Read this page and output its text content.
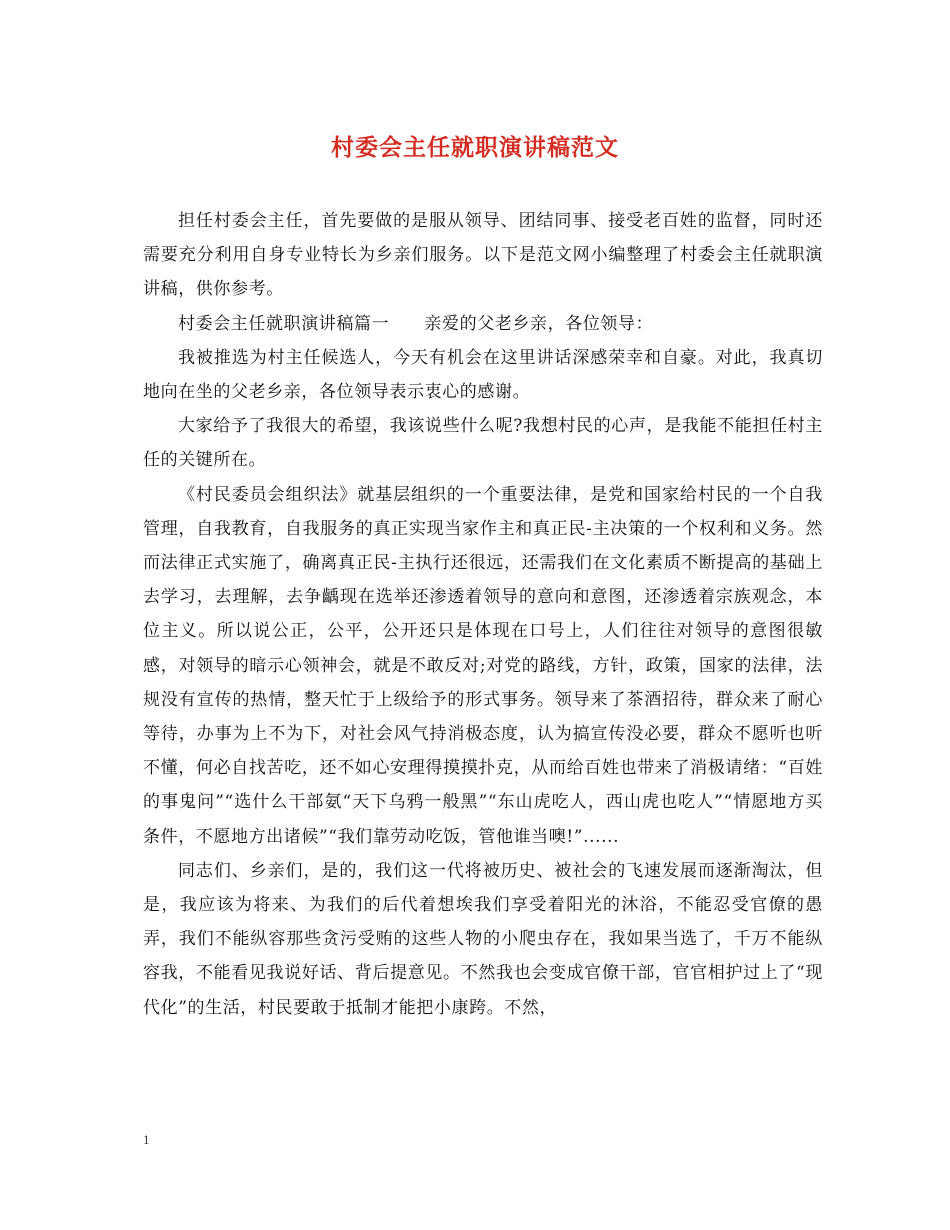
村委会主任就职演讲稿范文

担任村委会主任，首先要做的是服从领导、团结同事、接受老百姓的监督，同时还需要充分利用自身专业特长为乡亲们服务。以下是范文网小编整理了村委会主任就职演讲稿，供你参考。

村委会主任就职演讲稿篇一　　亲爱的父老乡亲，各位领导：

我被推选为村主任候选人，今天有机会在这里讲话深感荣幸和自豪。对此，我真切地向在坐的父老乡亲，各位领导表示衷心的感谢。

大家给予了我很大的希望，我该说些什么呢?我想村民的心声，是我能不能担任村主任的关键所在。

《村民委员会组织法》就基层组织的一个重要法律，是党和国家给村民的一个自我管理，自我教育，自我服务的真正实现当家作主和真正民-主决策的一个权利和义务。然而法律正式实施了，确离真正民-主执行还很远，还需我们在文化素质不断提高的基础上去学习，去理解，去争齲现在选举还渗透着领导的意向和意图，还渗透着宗族观念，本位主义。所以说公正，公平，公开还只是体现在口号上，人们往往对领导的意图很敏感，对领导的暗示心领神会，就是不敢反对;对党的路线，方针，政策，国家的法律，法规没有宣传的热情，整天忙于上级给予的形式事务。领导来了茶酒招待，群众来了耐心等待，办事为上不为下，对社会风气持消极态度，认为搞宣传没必要，群众不愿听也听不懂，何必自找苦吃，还不如心安理得摸摸扑克，从而给百姓也带来了消极请绪：“百姓的事鬼问”“选什么干部氨“天下乌鸦一般黑”“东山虎吃人，西山虎也吃人”“情愿地方买条件，不愿地方出诸候”“我们靠劳动吃饭，管他谁当噢!”......

同志们、乡亲们，是的，我们这一代将被历史、被社会的飞速发展而逐渐淘汰，但是，我应该为将来、为我们的后代着想埃我们享受着阳光的沐浴，不能忍受官僚的愚弄，我们不能纵容那些贪污受贿的这些人物的小爬虫存在，我如果当选了，千万不能纵容我，不能看见我说好话、背后提意见。不然我也会变成官僚干部，官官相护过上了“现代化”的生活，村民要敢于抵制才能把小康跨。不然，

1
